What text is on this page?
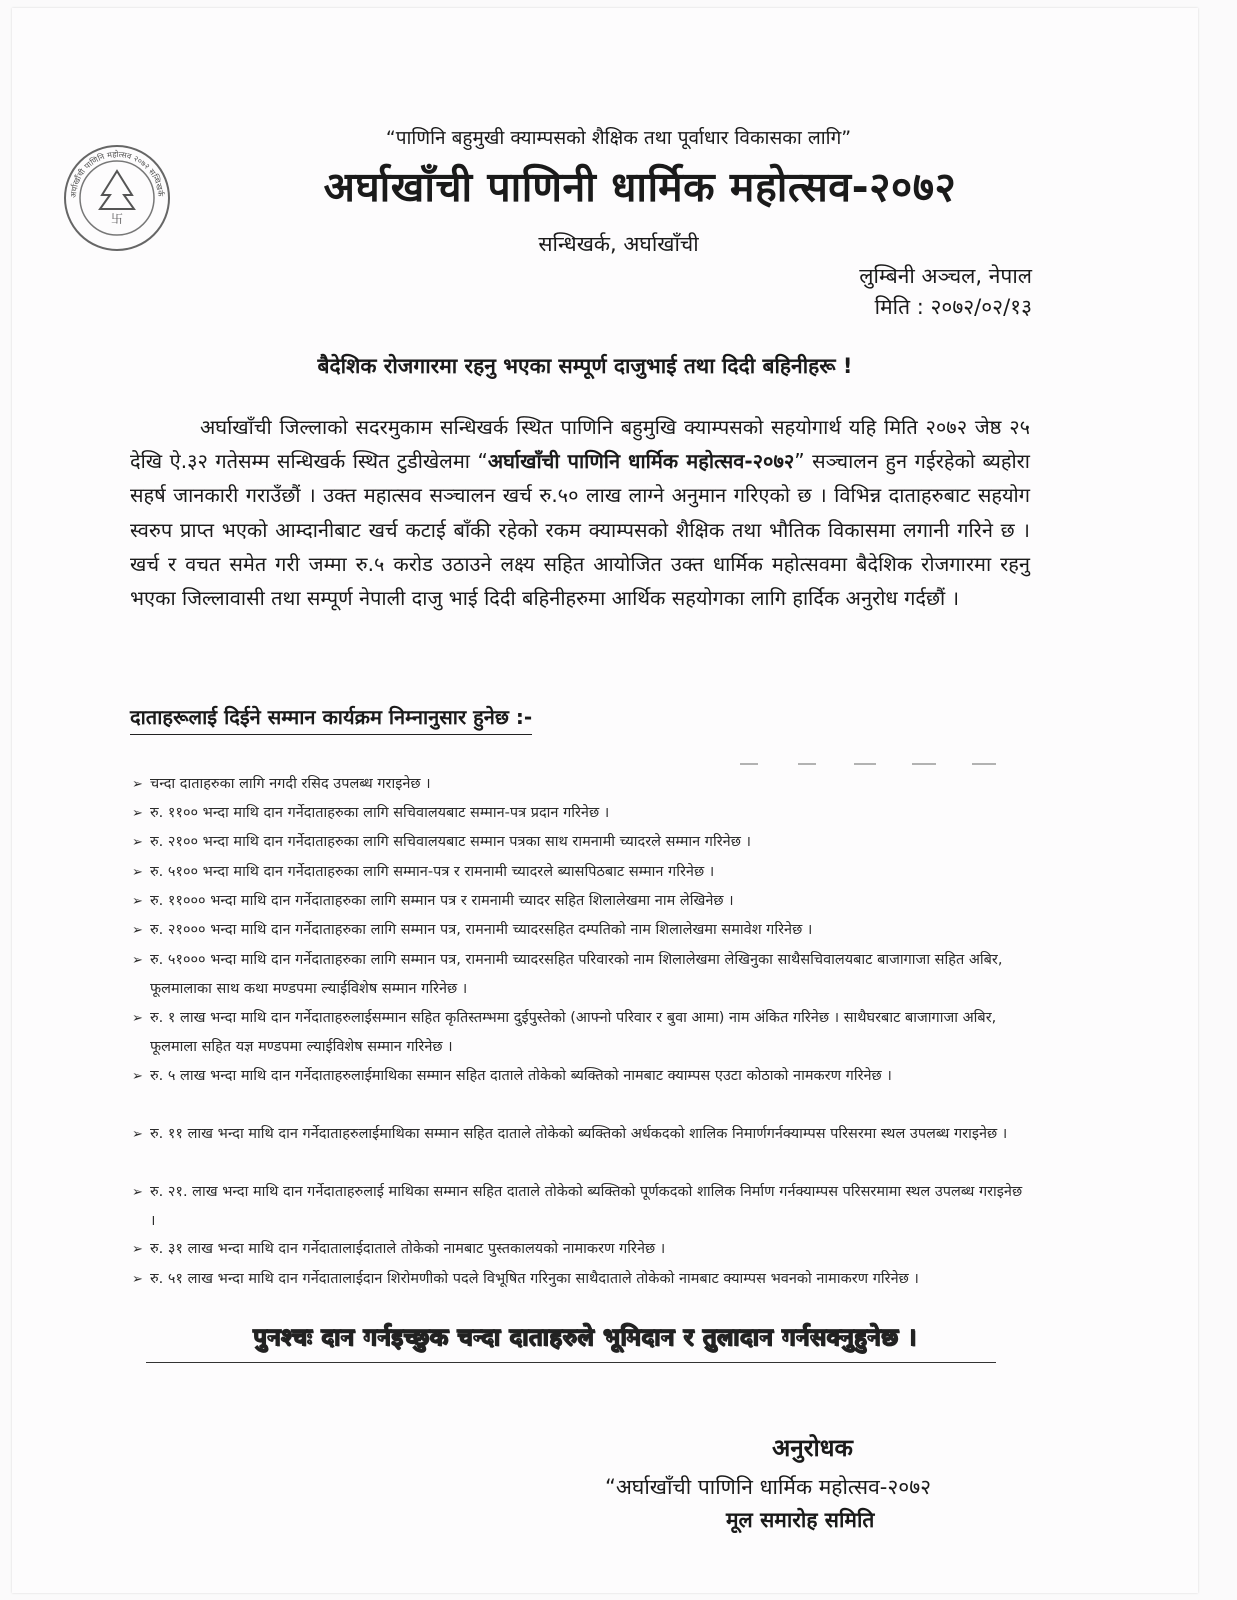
卐
अर्घाखाँची पाणिनि महोत्सव २०७२ सन्धिखर्क
“पाणिनि बहुमुखी क्याम्पसको शैक्षिक तथा पूर्वाधार विकासका लागि”
अर्घाखाँची पाणिनी धार्मिक महोत्सव-२०७२
सन्धिखर्क, अर्घाखाँची
लुम्बिनी अञ्चल, नेपाल
मिति : २०७२/०२/१३
बैदेशिक रोजगारमा रहनु भएका सम्पूर्ण दाजुभाई तथा दिदी बहिनीहरू !
अर्घाखाँची जिल्लाको सदरमुकाम सन्धिखर्क स्थित पाणिनि बहुमुखि क्याम्पसको सहयोगार्थ यहि मिति २०७२ जेष्ठ २५ देखि ऐ.३२ गतेसम्म सन्धिखर्क स्थित टुडीखेलमा “अर्घाखाँची पाणिनि धार्मिक महोत्सव-२०७२” सञ्चालन हुन गईरहेको ब्यहोरा सहर्ष जानकारी गराउँछौं । उक्त महात्सव सञ्चालन खर्च रु.५० लाख लाग्ने अनुमान गरिएको छ । विभिन्न दाताहरुबाट सहयोग स्वरुप प्राप्त भएको आम्दानीबाट खर्च कटाई बाँकी रहेको रकम क्याम्पसको शैक्षिक तथा भौतिक विकासमा लगानी गरिने छ । खर्च र वचत समेत गरी जम्मा रु.५ करोड उठाउने लक्ष्य सहित आयोजित उक्त धार्मिक महोत्सवमा बैदेशिक रोजगारमा रहनु भएका जिल्लावासी तथा सम्पूर्ण नेपाली दाजु भाई दिदी बहिनीहरुमा आर्थिक सहयोगका लागि हार्दिक अनुरोध गर्दछौं ।
दाताहरूलाई दिईने सम्मान कार्यक्रम निम्नानुसार हुनेछ :-
➢ चन्दा दाताहरुका लागि नगदी रसिद उपलब्ध गराइनेछ ।
➢ रु. ११०० भन्दा माथि दान गर्नेदाताहरुका लागि सचिवालयबाट सम्मान-पत्र प्रदान गरिनेछ ।
➢ रु. २१०० भन्दा माथि दान गर्नेदाताहरुका लागि सचिवालयबाट सम्मान पत्रका साथ रामनामी च्यादरले सम्मान गरिनेछ ।
➢ रु. ५१०० भन्दा माथि दान गर्नेदाताहरुका लागि सम्मान-पत्र र रामनामी च्यादरले ब्यासपिठबाट सम्मान गरिनेछ ।
➢ रु. ११००० भन्दा माथि दान गर्नेदाताहरुका लागि सम्मान पत्र र रामनामी च्यादर सहित शिलालेखमा नाम लेखिनेछ ।
➢ रु. २१००० भन्दा माथि दान गर्नेदाताहरुका लागि सम्मान पत्र, रामनामी च्यादरसहित दम्पतिको नाम शिलालेखमा समावेश गरिनेछ ।
➢ रु. ५१००० भन्दा माथि दान गर्नेदाताहरुका लागि सम्मान पत्र, रामनामी च्यादरसहित परिवारको नाम शिलालेखमा लेखिनुका साथैसचिवालयबाट बाजागाजा सहित अबिर, फूलमालाका साथ कथा मण्डपमा ल्याईविशेष सम्मान गरिनेछ ।
➢ रु. १ लाख भन्दा माथि दान गर्नेदाताहरुलाईसम्मान सहित कृतिस्तम्भमा दुईपुस्तेको (आफ्नो परिवार र बुवा आमा) नाम अंकित गरिनेछ । साथैघरबाट बाजागाजा अबिर, फूलमाला सहित यज्ञ मण्डपमा ल्याईविशेष सम्मान गरिनेछ ।
➢ रु. ५ लाख भन्दा माथि दान गर्नेदाताहरुलाईमाथिका सम्मान सहित दाताले तोकेको ब्यक्तिको नामबाट क्याम्पस एउटा कोठाको नामकरण गरिनेछ ।
➢ रु. ११ लाख भन्दा माथि दान गर्नेदाताहरुलाईमाथिका सम्मान सहित दाताले तोकेको ब्यक्तिको अर्धकदको शालिक निमार्णगर्नक्याम्पस परिसरमा स्थल उपलब्ध गराइनेछ ।
➢ रु. २१. लाख भन्दा माथि दान गर्नेदाताहरुलाई माथिका सम्मान सहित दाताले तोकेको ब्यक्तिको पूर्णकदको शालिक निर्माण गर्नक्याम्पस परिसरमामा स्थल उपलब्ध गराइनेछ ।
➢ रु. ३१ लाख भन्दा माथि दान गर्नेदातालाईदाताले तोकेको नामबाट पुस्तकालयको नामाकरण गरिनेछ ।
➢ रु. ५१ लाख भन्दा माथि दान गर्नेदातालाईदान शिरोमणीको पदले विभूषित गरिनुका साथैदाताले तोकेको नामबाट क्याम्पस भवनको नामाकरण गरिनेछ ।
पुनश्चः दान गर्नइच्छुक चन्दा दाताहरुले भूमिदान र तुलादान गर्नसक्नुहुनेछ ।
अनुरोधक
“अर्घाखाँची पाणिनि धार्मिक महोत्सव-२०७२
मूल समारोह समिति
